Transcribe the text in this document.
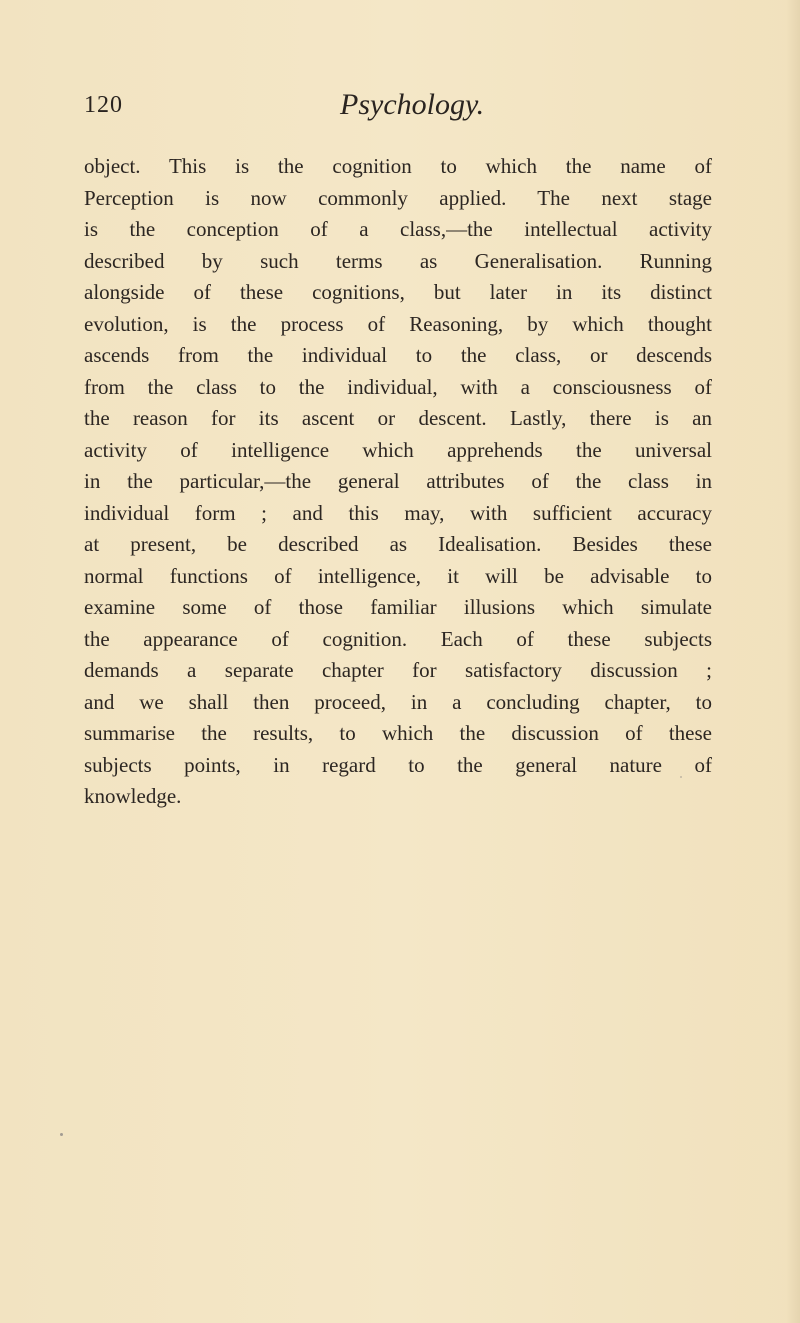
120	Psychology.
object. This is the cognition to which the name of
Perception is now commonly applied. The next stage
is the conception of a class,—the intellectual activity
described by such terms as Generalisation. Running
alongside of these cognitions, but later in its distinct
evolution, is the process of Reasoning, by which thought
ascends from the individual to the class, or descends
from the class to the individual, with a consciousness of
the reason for its ascent or descent. Lastly, there is an
activity of intelligence which apprehends the universal
in the particular,—the general attributes of the class in
individual form ; and this may, with sufficient accuracy
at present, be described as Idealisation. Besides these
normal functions of intelligence, it will be advisable to
examine some of those familiar illusions which simulate
the appearance of cognition. Each of these subjects
demands a separate chapter for satisfactory discussion ;
and we shall then proceed, in a concluding chapter, to
summarise the results, to which the discussion of these
subjects points, in regard to the general nature of
knowledge.
